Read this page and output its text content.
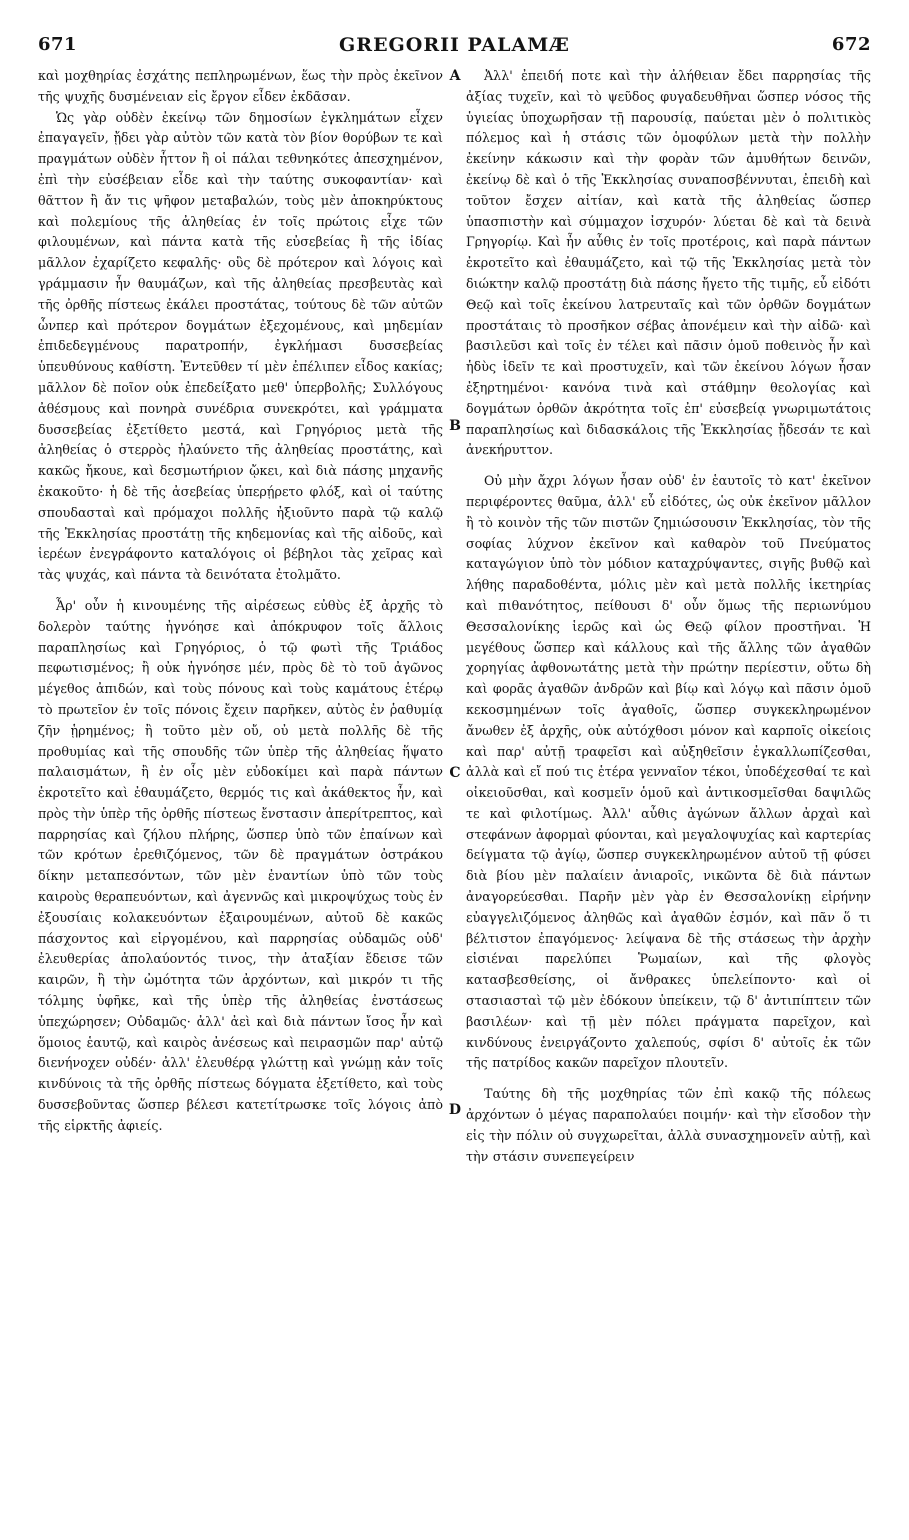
671	GREGORII PALAMÆ	672

καὶ μοχθηρίας ἐσχάτης πεπληρωμένων, ἕως τὴν πρὸς ἐκεῖνον τῆς ψυχῆς δυσμένειαν εἰς ἔργον εἶδεν ἐκδᾶσαν.

Ὡς γὰρ οὐδὲν ἐκείνῳ τῶν δημοσίων ἐγκλημάτων εἶχεν ἐπαγαγεῖν, ᾔδει γὰρ αὐτὸν τῶν κατὰ τὸν βίον θορύβων τε καὶ πραγμάτων οὐδὲν ἧττον ἢ οἱ πάλαι τεθνηκότες ἀπεσχημένον, ἐπὶ τὴν εὐσέβειαν εἶδε καὶ τὴν ταύτης συκοφαντίαν· καὶ θᾶττον ἢ ἄν τις ψῆφον μεταβαλών, τοὺς μὲν ἀποκηρύκτους καὶ πολεμίους τῆς ἀληθείας ἐν τοῖς πρώτοις εἶχε τῶν φιλουμένων, καὶ πάντα κατὰ τῆς εὐσεβείας ἢ τῆς ἰδίας μᾶλλον ἐχαρίζετο κεφαλῆς· οὓς δὲ πρότερον καὶ λόγοις καὶ γράμμασιν ἦν θαυμάζων, καὶ τῆς ἀληθείας πρεσβευτὰς καὶ τῆς ὀρθῆς πίστεως ἐκάλει προστάτας, τούτους δὲ τῶν αὐτῶν ὧνπερ καὶ πρότερον δογμάτων ἐξεχομένους, καὶ μηδεμίαν ἐπιδεδεγμένους παρατροπήν, ἐγκλήμασι δυσσεβείας ὑπευθύνους καθίστη. Ἐντεῦθεν τί μὲν ἐπέλιπεν εἶδος κακίας; μᾶλλον δὲ ποῖον οὐκ ἐπεδείξατο μεθ' ὑπερβολῆς; Συλλόγους ἀθέσμους καὶ πονηρὰ συνέδρια συνεκρότει, καὶ γράμματα δυσσεβείας ἐξετίθετο μεστά, καὶ Γρηγόριος μετὰ τῆς ἀληθείας ὁ στερρὸς ἠλαύνετο τῆς ἀληθείας προστάτης, καὶ κακῶς ἤκουε, καὶ δεσμωτήριον ᾤκει, καὶ διὰ πάσης μηχανῆς ἐκακοῦτο· ἡ δὲ τῆς ἀσεβείας ὑπερῄρετο φλόξ, καὶ οἱ ταύτης σπουδασταὶ καὶ πρόμαχοι πολλῆς ἠξιοῦντο παρὰ τῷ καλῷ τῆς Ἐκκλησίας προστάτῃ τῆς κηδεμονίας καὶ τῆς αἰδοῦς, καὶ ἱερέων ἐνεγράφοντο καταλόγοις οἱ βέβηλοι τὰς χεῖρας καὶ τὰς ψυχάς, καὶ πάντα τὰ δεινότατα ἐτολμᾶτο.

Ἆρ' οὖν ἡ κινουμένης τῆς αἱρέσεως εὐθὺς ἐξ ἀρχῆς τὸ δολερὸν ταύτης ἠγνόησε καὶ ἀπόκρυφον τοῖς ἄλλοις παραπλησίως καὶ Γρηγόριος, ὁ τῷ φωτὶ τῆς Τριάδος πεφωτισμένος; ἢ οὐκ ἠγνόησε μέν, πρὸς δὲ τὸ τοῦ ἀγῶνος μέγεθος ἀπιδών, καὶ τοὺς πόνους καὶ τοὺς καμάτους ἑτέρῳ τὸ πρωτεῖον ἐν τοῖς πόνοις ἔχειν παρῆκεν, αὐτὸς ἐν ῥαθυμίᾳ ζῆν ᾑρημένος; ἢ τοῦτο μὲν οὔ, οὐ μετὰ πολλῆς δὲ τῆς προθυμίας καὶ τῆς σπουδῆς τῶν ὑπὲρ τῆς ἀληθείας ἥψατο παλαισμάτων, ἢ ἐν οἷς μὲν εὐδοκίμει καὶ παρὰ πάντων ἐκροτεῖτο καὶ ἐθαυμάζετο, θερμός τις καὶ ἀκάθεκτος ἦν, καὶ πρὸς τὴν ὑπὲρ τῆς ὀρθῆς πίστεως ἔνστασιν ἀπερίτρεπτος, καὶ παρρησίας καὶ ζήλου πλήρης, ὥσπερ ὑπὸ τῶν ἐπαίνων καὶ τῶν κρότων ἐρεθιζόμενος, τῶν δὲ πραγμάτων ὀστράκου δίκην μεταπεσόντων, τῶν μὲν ἐναντίων ὑπὸ τῶν τοὺς καιροὺς θεραπευόντων, καὶ ἀγεννῶς καὶ μικροψύχως τοὺς ἐν ἐξουσίαις κολακευόντων ἐξαιρουμένων, αὐτοῦ δὲ κακῶς πάσχοντος καὶ εἰργομένου, καὶ παρρησίας οὐδαμῶς οὐδ' ἐλευθερίας ἀπολαύοντός τινος, τὴν ἀταξίαν ἔδεισε τῶν καιρῶν, ἢ τὴν ὠμότητα τῶν ἀρχόντων, καὶ μικρόν τι τῆς τόλμης ὑφῆκε, καὶ τῆς ὑπὲρ τῆς ἀληθείας ἐνστάσεως ὑπεχώρησεν; Οὐδαμῶς· ἀλλ' ἀεὶ καὶ διὰ πάντων ἴσος ἦν καὶ ὅμοιος ἑαυτῷ, καὶ καιρὸς ἀνέσεως καὶ πειρασμῶν παρ' αὐτῷ διενήνοχεν οὐδέν· ἀλλ' ἐλευθέρᾳ γλώττῃ καὶ γνώμῃ κἀν τοῖς κινδύνοις τὰ τῆς ὀρθῆς πίστεως δόγματα ἐξετίθετο, καὶ τοὺς δυσσεβοῦντας ὥσπερ βέλεσι κατετίτρωσκε τοῖς λόγοις ἀπὸ τῆς εἱρκτῆς ἀφιείς.

A
B
C
D

Ἀλλ' ἐπειδή ποτε καὶ τὴν ἀλήθειαν ἔδει παρρησίας τῆς ἀξίας τυχεῖν, καὶ τὸ ψεῦδος φυγαδευθῆναι ὥσπερ νόσος τῆς ὑγιείας ὑποχωρῆσαν τῇ παρουσίᾳ, παύεται μὲν ὁ πολιτικὸς πόλεμος καὶ ἡ στάσις τῶν ὁμοφύλων μετὰ τὴν πολλὴν ἐκείνην κάκωσιν καὶ τὴν φορὰν τῶν ἀμυθήτων δεινῶν, ἐκείνῳ δὲ καὶ ὁ τῆς Ἐκκλησίας συναποσβέννυται, ἐπειδὴ καὶ τοῦτον ἔσχεν αἰτίαν, καὶ κατὰ τῆς ἀληθείας ὥσπερ ὑπασπιστὴν καὶ σύμμαχον ἰσχυρόν· λύεται δὲ καὶ τὰ δεινὰ Γρηγορίῳ. Καὶ ἦν αὖθις ἐν τοῖς προτέροις, καὶ παρὰ πάντων ἐκροτεῖτο καὶ ἐθαυμάζετο, καὶ τῷ τῆς Ἐκκλησίας μετὰ τὸν διώκτην καλῷ προστάτῃ διὰ πάσης ἤγετο τῆς τιμῆς, εὖ εἰδότι Θεῷ καὶ τοῖς ἐκείνου λατρευταῖς καὶ τῶν ὀρθῶν δογμάτων προστάταις τὸ προσῆκον σέβας ἀπονέμειν καὶ τὴν αἰδῶ· καὶ βασιλεῦσι καὶ τοῖς ἐν τέλει καὶ πᾶσιν ὁμοῦ ποθεινὸς ἦν καὶ ἡδὺς ἰδεῖν τε καὶ προστυχεῖν, καὶ τῶν ἐκείνου λόγων ἦσαν ἐξηρτημένοι· κανόνα τινὰ καὶ στάθμην θεολογίας καὶ δογμάτων ὀρθῶν ἀκρότητα τοῖς ἐπ' εὐσεβείᾳ γνωριμωτάτοις παραπλησίως καὶ διδασκάλοις τῆς Ἐκκλησίας ᾔδεσάν τε καὶ ἀνεκήρυττον.

Οὐ μὴν ἄχρι λόγων ἦσαν οὐδ' ἐν ἑαυτοῖς τὸ κατ' ἐκεῖνον περιφέροντες θαῦμα, ἀλλ' εὖ εἰδότες, ὡς οὐκ ἐκεῖνον μᾶλλον ἢ τὸ κοινὸν τῆς τῶν πιστῶν ζημιώσουσιν Ἐκκλησίας, τὸν τῆς σοφίας λύχνον ἐκεῖνον καὶ καθαρὸν τοῦ Πνεύματος καταγώγιον ὑπὸ τὸν μόδιον καταχρύψαντες, σιγῆς βυθῷ καὶ λήθης παραδοθέντα, μόλις μὲν καὶ μετὰ πολλῆς ἱκετηρίας καὶ πιθανότητος, πείθουσι δ' οὖν ὅμως τῆς περιωνύμου Θεσσαλονίκης ἱερῶς καὶ ὡς Θεῷ φίλον προστῆναι. Ἡ μεγέθους ὥσπερ καὶ κάλλους καὶ τῆς ἄλλης τῶν ἀγαθῶν χορηγίας ἀφθονωτάτης μετὰ τὴν πρώτην περίεστιν, οὕτω δὴ καὶ φορᾶς ἀγαθῶν ἀνδρῶν καὶ βίῳ καὶ λόγῳ καὶ πᾶσιν ὁμοῦ κεκοσμημένων τοῖς ἀγαθοῖς, ὥσπερ συγκεκληρωμένον ἄνωθεν ἐξ ἀρχῆς, οὐκ αὐτόχθοσι μόνον καὶ καρποῖς οἰκείοις καὶ παρ' αὐτῇ τραφεῖσι καὶ αὐξηθεῖσιν ἐγκαλλωπίζεσθαι, ἀλλὰ καὶ εἴ πού τις ἑτέρα γενναῖον τέκοι, ὑποδέχεσθαί τε καὶ οἰκειοῦσθαι, καὶ κοσμεῖν ὁμοῦ καὶ ἀντικοσμεῖσθαι δαψιλῶς τε καὶ φιλοτίμως. Ἀλλ' αὖθις ἀγώνων ἄλλων ἀρχαὶ καὶ στεφάνων ἀφορμαὶ φύονται, καὶ μεγαλοψυχίας καὶ καρτερίας δείγματα τῷ ἀγίῳ, ὥσπερ συγκεκληρωμένον αὐτοῦ τῇ φύσει διὰ βίου μὲν παλαίειν ἀνιαροῖς, νικῶντα δὲ διὰ πάντων ἀναγορεύεσθαι. Παρῆν μὲν γὰρ ἐν Θεσσαλονίκῃ εἰρήνην εὐαγγελιζόμενος ἀληθῶς καὶ ἀγαθῶν ἐσμόν, καὶ πᾶν ὅ τι βέλτιστον ἐπαγόμενος· λείψανα δὲ τῆς στάσεως τὴν ἀρχὴν εἰσιέναι παρελύπει Ῥωμαίων, καὶ τῆς φλογὸς κατασβεσθείσης, οἱ ἄνθρακες ὑπελείποντο· καὶ οἱ στασιασταὶ τῷ μὲν ἐδόκουν ὑπείκειν, τῷ δ' ἀντιπίπτειν τῶν βασιλέων· καὶ τῇ μὲν πόλει πράγματα παρεῖχον, καὶ κινδύνους ἐνειργάζοντο χαλεπούς, σφίσι δ' αὐτοῖς ἐκ τῶν τῆς πατρίδος κακῶν παρεῖχον πλουτεῖν.

Ταύτης δὴ τῆς μοχθηρίας τῶν ἐπὶ κακῷ τῆς πόλεως ἀρχόντων ὁ μέγας παραπολαύει ποιμήν· καὶ τὴν εἴσοδον τὴν εἰς τὴν πόλιν οὐ συγχωρεῖται, ἀλλὰ συνασχημονεῖν αὐτῇ, καὶ τὴν στάσιν συνεπεγείρειν
